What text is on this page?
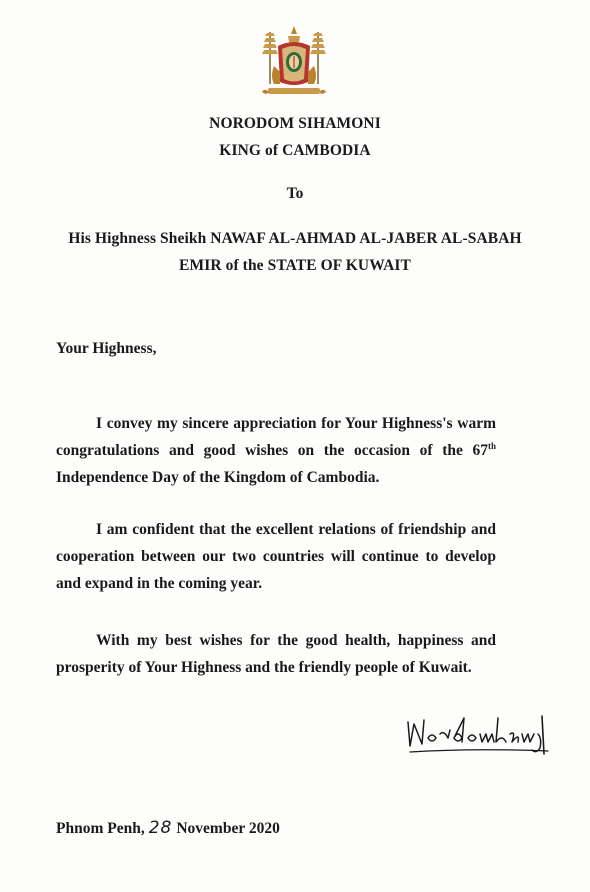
NORODOM SIHAMONI
KING of CAMBODIA
To
His Highness Sheikh NAWAF AL-AHMAD AL-JABER AL-SABAH
EMIR of the STATE OF KUWAIT
Your Highness,
I convey my sincere appreciation for Your Highness's warm congratulations and good wishes on the occasion of the 67th Independence Day of the Kingdom of Cambodia.
I am confident that the excellent relations of friendship and cooperation between our two countries will continue to develop and expand in the coming year.
With my best wishes for the good health, happiness and prosperity of Your Highness and the friendly people of Kuwait.
Phnom Penh, 28 November 2020
